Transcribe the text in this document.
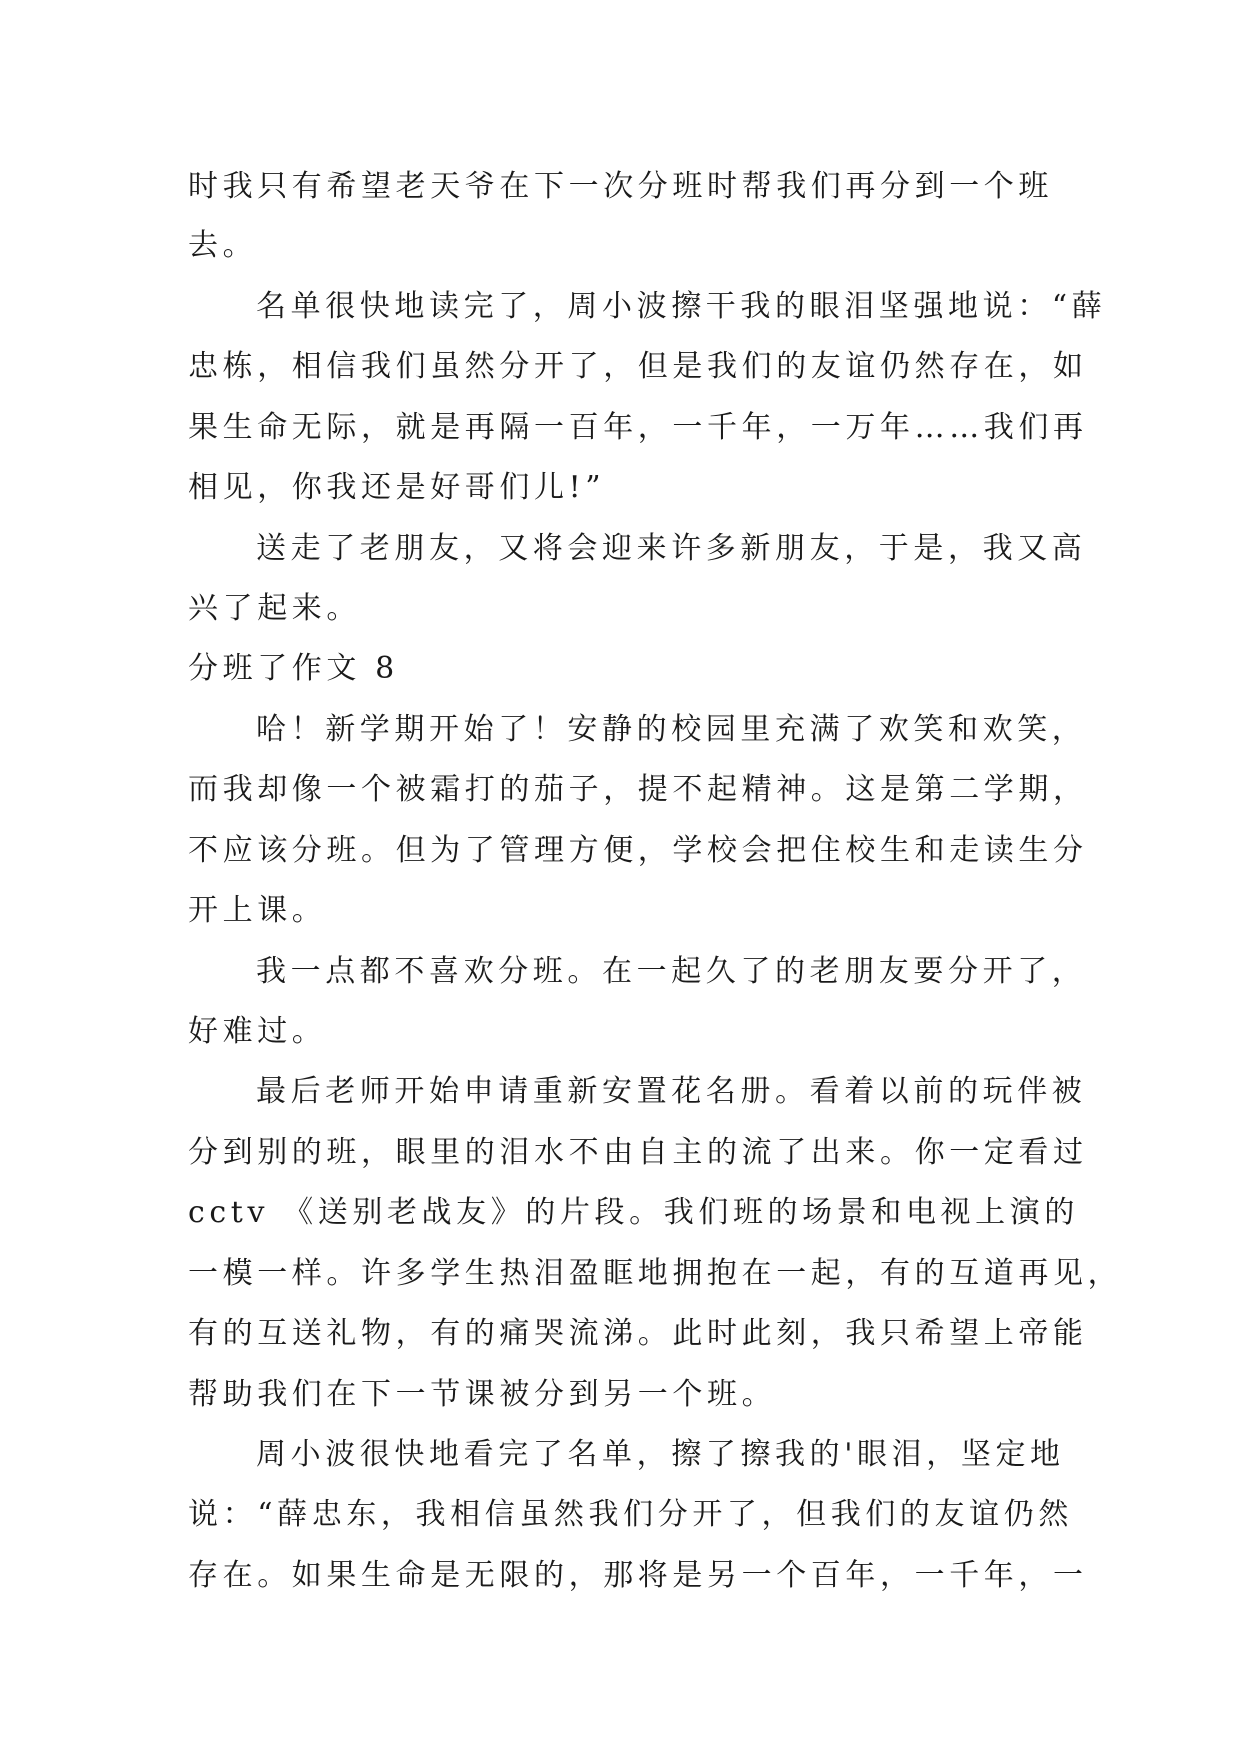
时我只有希望老天爷在下一次分班时帮我们再分到一个班
去。
名单很快地读完了，周小波擦干我的眼泪坚强地说：“薛
忠栋，相信我们虽然分开了，但是我们的友谊仍然存在，如
果生命无际，就是再隔一百年，一千年，一万年……我们再
相见，你我还是好哥们儿!”
送走了老朋友，又将会迎来许多新朋友，于是，我又高
兴了起来。
分班了作文 8
哈！新学期开始了！安静的校园里充满了欢笑和欢笑，
而我却像一个被霜打的茄子，提不起精神。这是第二学期，
不应该分班。但为了管理方便，学校会把住校生和走读生分
开上课。
我一点都不喜欢分班。在一起久了的老朋友要分开了，
好难过。
最后老师开始申请重新安置花名册。看着以前的玩伴被
分到别的班，眼里的泪水不由自主的流了出来。你一定看过
cctv 《送别老战友》的片段。我们班的场景和电视上演的
一模一样。许多学生热泪盈眶地拥抱在一起，有的互道再见，
有的互送礼物，有的痛哭流涕。此时此刻，我只希望上帝能
帮助我们在下一节课被分到另一个班。
周小波很快地看完了名单，擦了擦我的'眼泪，坚定地
说：“薛忠东，我相信虽然我们分开了，但我们的友谊仍然
存在。如果生命是无限的，那将是另一个百年，一千年，一
